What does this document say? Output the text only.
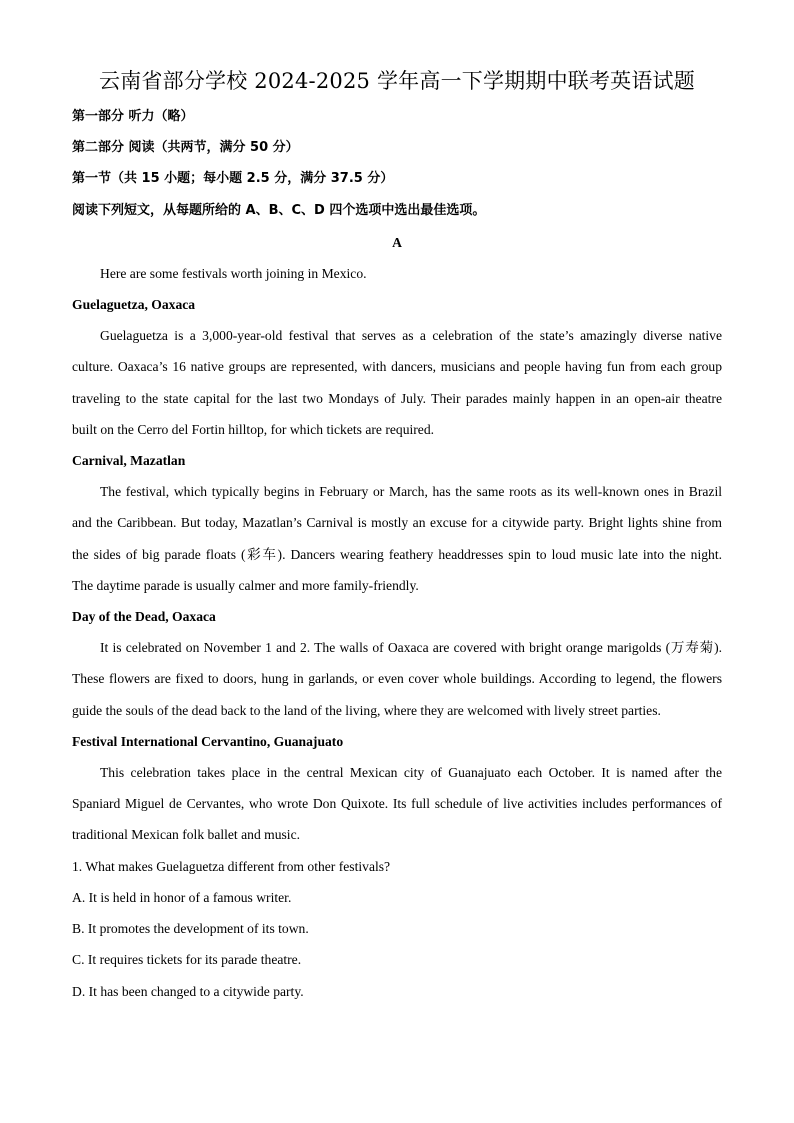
云南省部分学校 2024-2025 学年高一下学期期中联考英语试题
第一部分 听力（略）
第二部分 阅读（共两节，满分 50 分）
第一节（共 15 小题；每小题 2.5 分，满分 37.5 分）
阅读下列短文，从每题所给的 A、B、C、D 四个选项中选出最佳选项。
A
Here are some festivals worth joining in Mexico.
Guelaguetza, Oaxaca
Guelaguetza is a 3,000-year-old festival that serves as a celebration of the state’s amazingly diverse native
culture. Oaxaca’s 16 native groups are represented, with dancers, musicians and people having fun from each group
traveling to the state capital for the last two Mondays of July. Their parades mainly happen in an open-air theatre
built on the Cerro del Fortin hilltop, for which tickets are required.
Carnival, Mazatlan
The festival, which typically begins in February or March, has the same roots as its well-known ones in Brazil
and the Caribbean. But today, Mazatlan’s Carnival is mostly an excuse for a citywide party. Bright lights shine from
the sides of big parade floats (彩车). Dancers wearing feathery headdresses spin to loud music late into the night.
The daytime parade is usually calmer and more family-friendly.
Day of the Dead, Oaxaca
It is celebrated on November 1 and 2. The walls of Oaxaca are covered with bright orange marigolds (万寿菊).
These flowers are fixed to doors, hung in garlands, or even cover whole buildings. According to legend, the flowers
guide the souls of the dead back to the land of the living, where they are welcomed with lively street parties.
Festival International Cervantino, Guanajuato
This celebration takes place in the central Mexican city of Guanajuato each October. It is named after the
Spaniard Miguel de Cervantes, who wrote Don Quixote. Its full schedule of live activities includes performances of
traditional Mexican folk ballet and music.
1. What makes Guelaguetza different from other festivals?
A. It is held in honor of a famous writer.
B. It promotes the development of its town.
C. It requires tickets for its parade theatre.
D. It has been changed to a citywide party.
